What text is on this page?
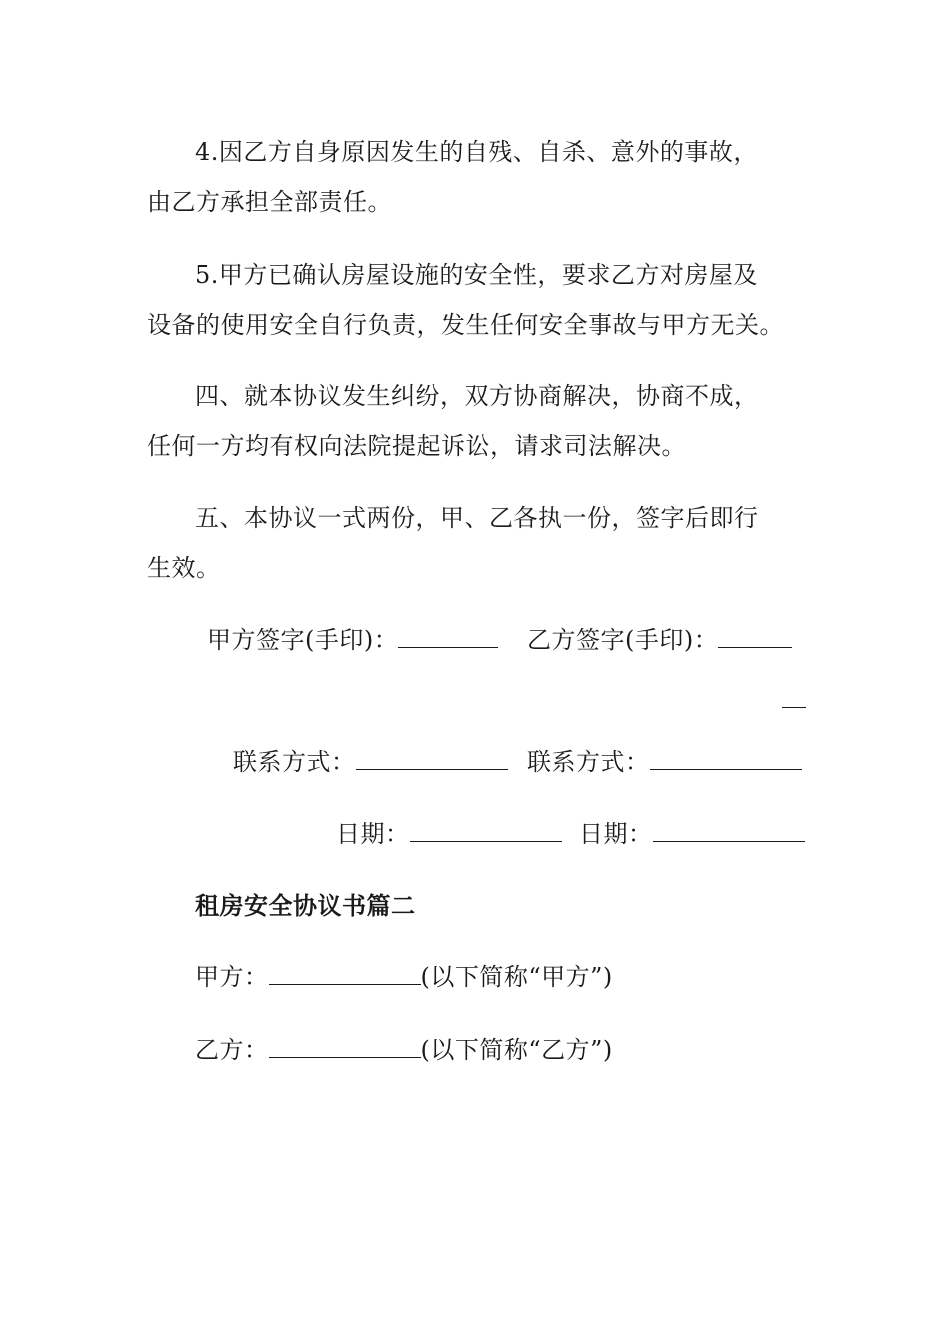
4.因乙方自身原因发生的自残、自杀、意外的事故，
由乙方承担全部责任。
5.甲方已确认房屋设施的安全性，要求乙方对房屋及
设备的使用安全自行负责，发生任何安全事故与甲方无关。
四、就本协议发生纠纷，双方协商解决，协商不成，
任何一方均有权向法院提起诉讼，请求司法解决。
五、本协议一式两份，甲、乙各执一份，签字后即行
生效。
甲方签字(手印)：	乙方签字(手印)：
联系方式：	联系方式：
日期：	日期：
租房安全协议书篇二
甲方：	(以下简称“甲方”)
乙方：	(以下简称“乙方”)
